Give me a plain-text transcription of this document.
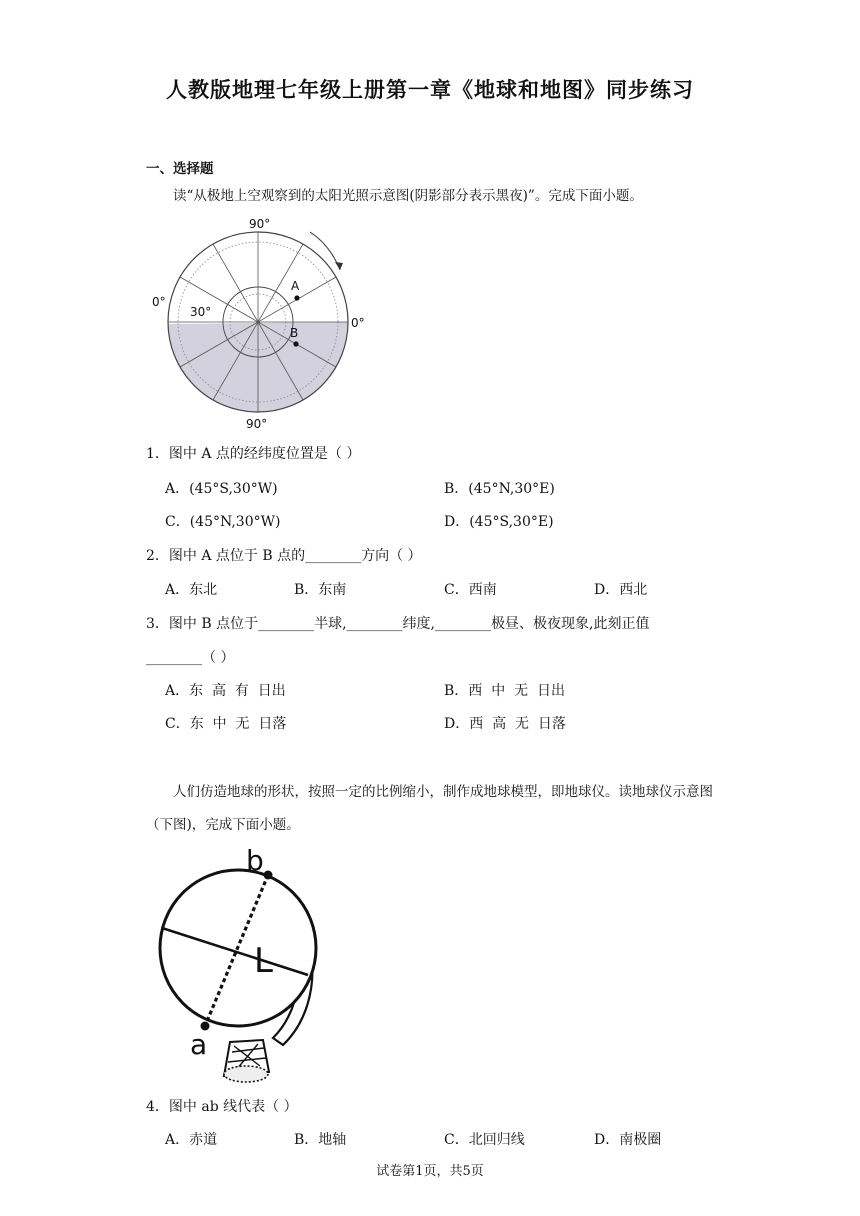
人教版地理七年级上册第一章《地球和地图》同步练习
一、选择题
读“从极地上空观察到的太阳光照示意图(阴影部分表示黑夜)”。完成下面小题。
A
B
90°
90°
0°
0°
30°
1．图中 A 点的经纬度位置是（ ）
A．(45°S,30°W)	B．(45°N,30°E)
C．(45°N,30°W)	D．(45°S,30°E)
2．图中 A 点位于 B 点的________方向（ ）
A．东北	B．东南	C．西南	D．西北
3．图中 B 点位于________半球,________纬度,________极昼、极夜现象,此刻正值
________（ ）
A．东  高  有  日出	B．西  中  无  日出
C．东  中  无  日落	D．西  高  无  日落
人们仿造地球的形状，按照一定的比例缩小，制作成地球模型，即地球仪。读地球仪示意图（下图)，完成下面小题。
b
a
L
4．图中 ab 线代表（ ）
A．赤道	B．地轴	C．北回归线	D．南极圈
试卷第1页，共5页
